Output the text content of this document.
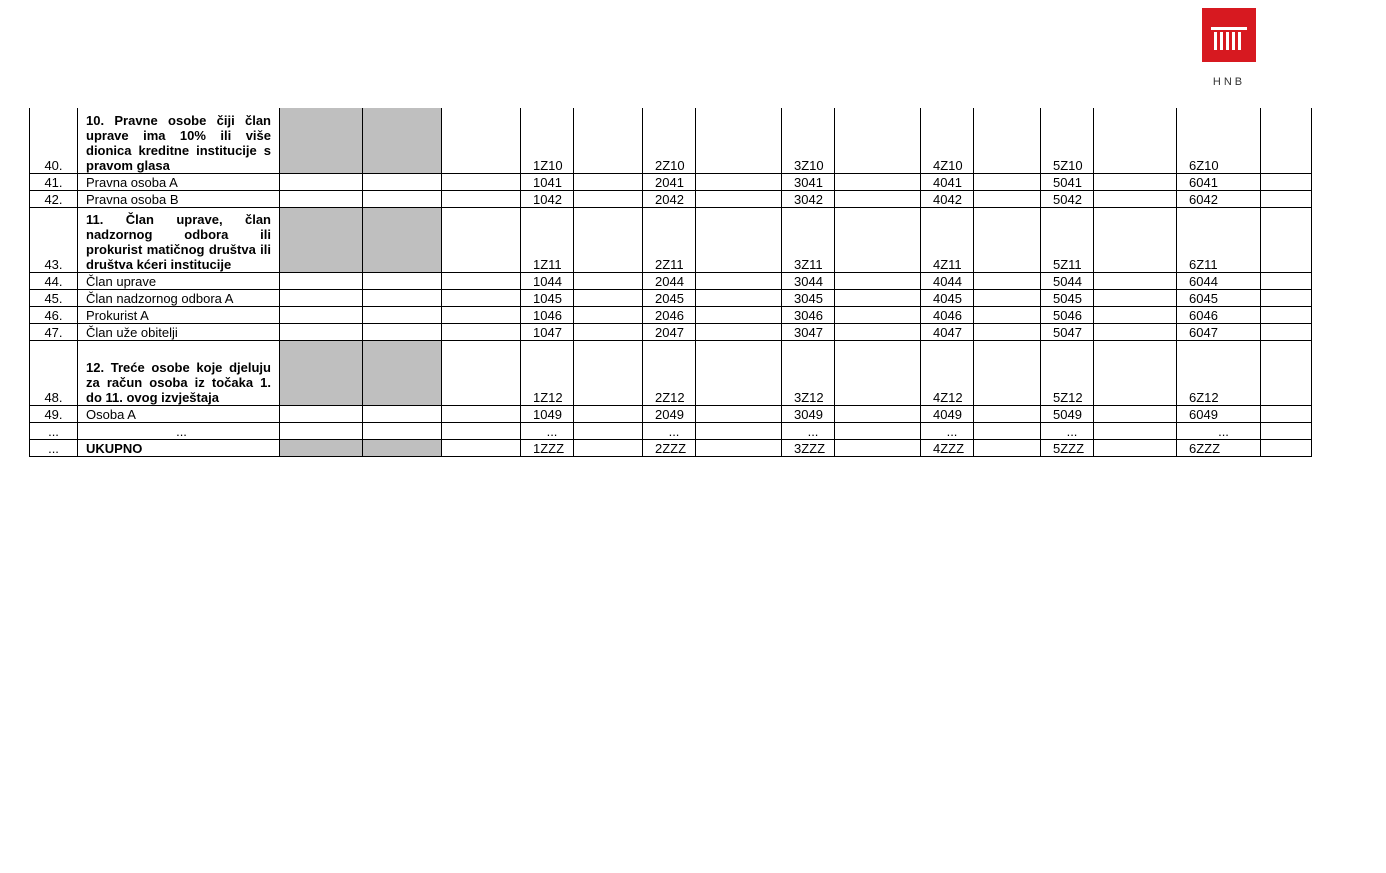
HNB
40.	10. Pravne osobe čiji član uprave ima 10% ili više dionica kreditne institucije s pravom glasa				1Z10		2Z10		3Z10		4Z10		5Z10		6Z10	
41.	Pravna osoba A				1041		2041		3041		4041		5041		6041	
42.	Pravna osoba B				1042		2042		3042		4042		5042		6042	
43.	11. Član uprave, član nadzornog odbora ili prokurist matičnog društva ili društva kćeri institucije				1Z11		2Z11		3Z11		4Z11		5Z11		6Z11	
44.	Član uprave				1044		2044		3044		4044		5044		6044	
45.	Član nadzornog odbora A				1045		2045		3045		4045		5045		6045	
46.	Prokurist A				1046		2046		3046		4046		5046		6046	
47.	Član uže obitelji				1047		2047		3047		4047		5047		6047	
48.	12. Treće osobe koje djeluju za račun osoba iz točaka 1. do 11. ovog izvještaja				1Z12		2Z12		3Z12		4Z12		5Z12		6Z12	
49.	Osoba A				1049		2049		3049		4049		5049		6049	
...	...				...		...		...		...		...		...	
...	UKUPNO				1ZZZ		2ZZZ		3ZZZ		4ZZZ		5ZZZ		6ZZZ	
